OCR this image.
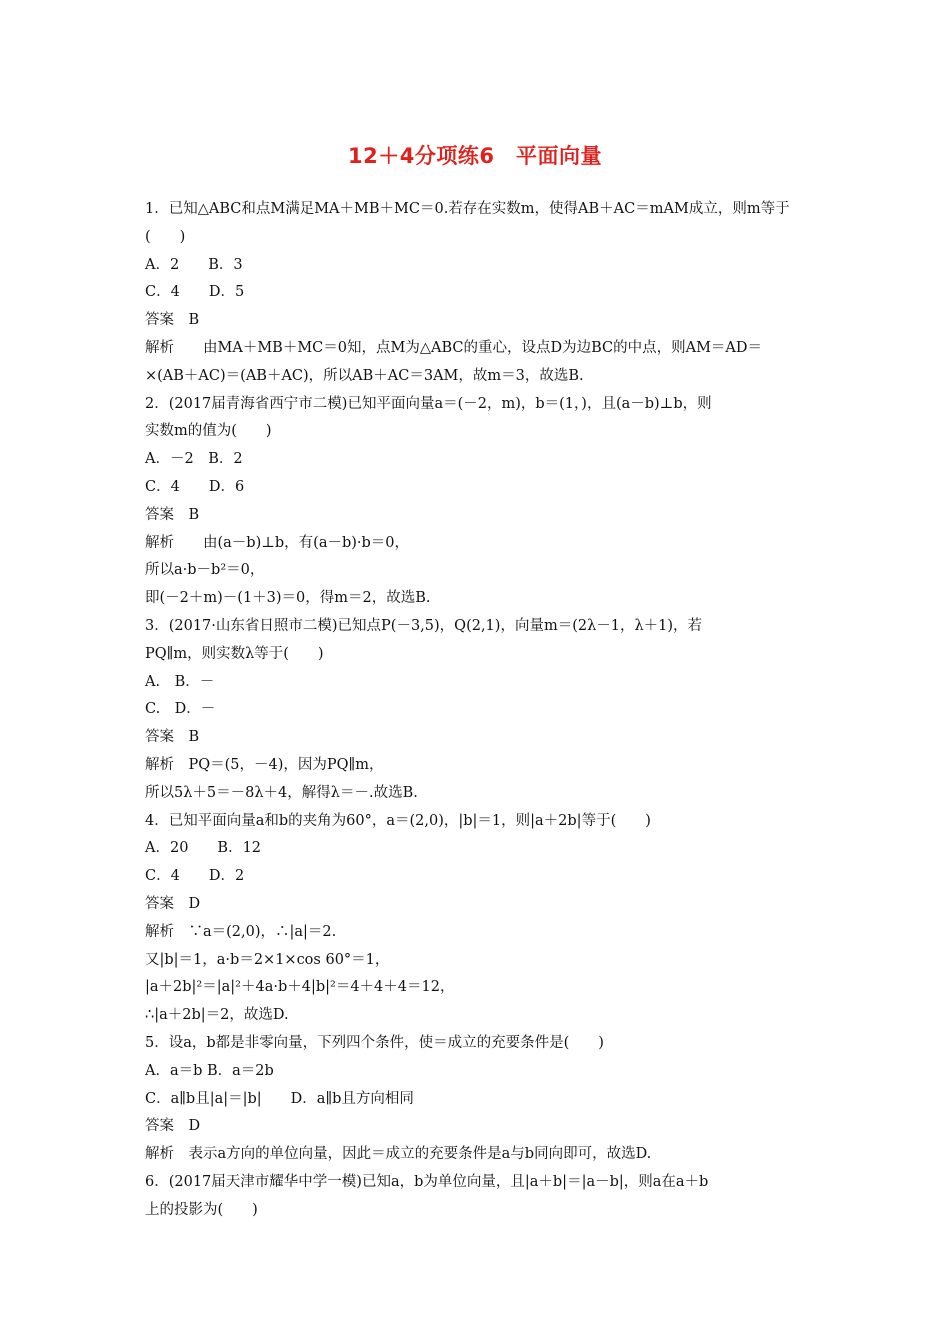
12＋4分项练6　平面向量
1．已知△ABC和点M满足MA＋MB＋MC＝0.若存在实数m，使得AB＋AC＝mAM成立，则m等于
(　　)
A．2　　B．3
C．4　　D．5
答案　B
解析　　由MA＋MB＋MC＝0知，点M为△ABC的重心，设点D为边BC的中点，则AM＝AD＝
×(AB＋AC)＝(AB＋AC)，所以AB＋AC＝3AM，故m＝3，故选B.
2．(2017届青海省西宁市二模)已知平面向量a＝(－2，m)，b＝(1，)，且(a－b)⊥b，则
实数m的值为(　　)
A．－2　B．2
C．4　　D．6
答案　B
解析　　由(a－b)⊥b，有(a－b)·b＝0，
所以a·b－b²＝0，
即(－2＋m)－(1＋3)＝0，得m＝2，故选B.
3．(2017·山东省日照市二模)已知点P(－3,5)，Q(2,1)，向量m＝(2λ－1，λ＋1)，若
PQ∥m，则实数λ等于(　　)
A.　B．－
C.　D．－
答案　B
解析　PQ＝(5，－4)，因为PQ∥m，
所以5λ＋5＝－8λ＋4，解得λ＝－.故选B.
4．已知平面向量a和b的夹角为60°，a＝(2,0)，|b|＝1，则|a＋2b|等于(　　)
A．20　　B．12
C．4　　D．2
答案　D
解析　∵a＝(2,0)，∴|a|＝2.
又|b|＝1，a·b＝2×1×cos 60°＝1，
|a＋2b|²＝|a|²＋4a·b＋4|b|²＝4＋4＋4＝12，
∴|a＋2b|＝2，故选D.
5．设a，b都是非零向量，下列四个条件，使＝成立的充要条件是(　　)
A．a＝b B．a＝2b
C．a∥b且|a|＝|b|　　D．a∥b且方向相同
答案　D
解析　表示a方向的单位向量，因此＝成立的充要条件是a与b同向即可，故选D.
6．(2017届天津市耀华中学一模)已知a，b为单位向量，且|a＋b|＝|a－b|，则a在a＋b
上的投影为(　　)
